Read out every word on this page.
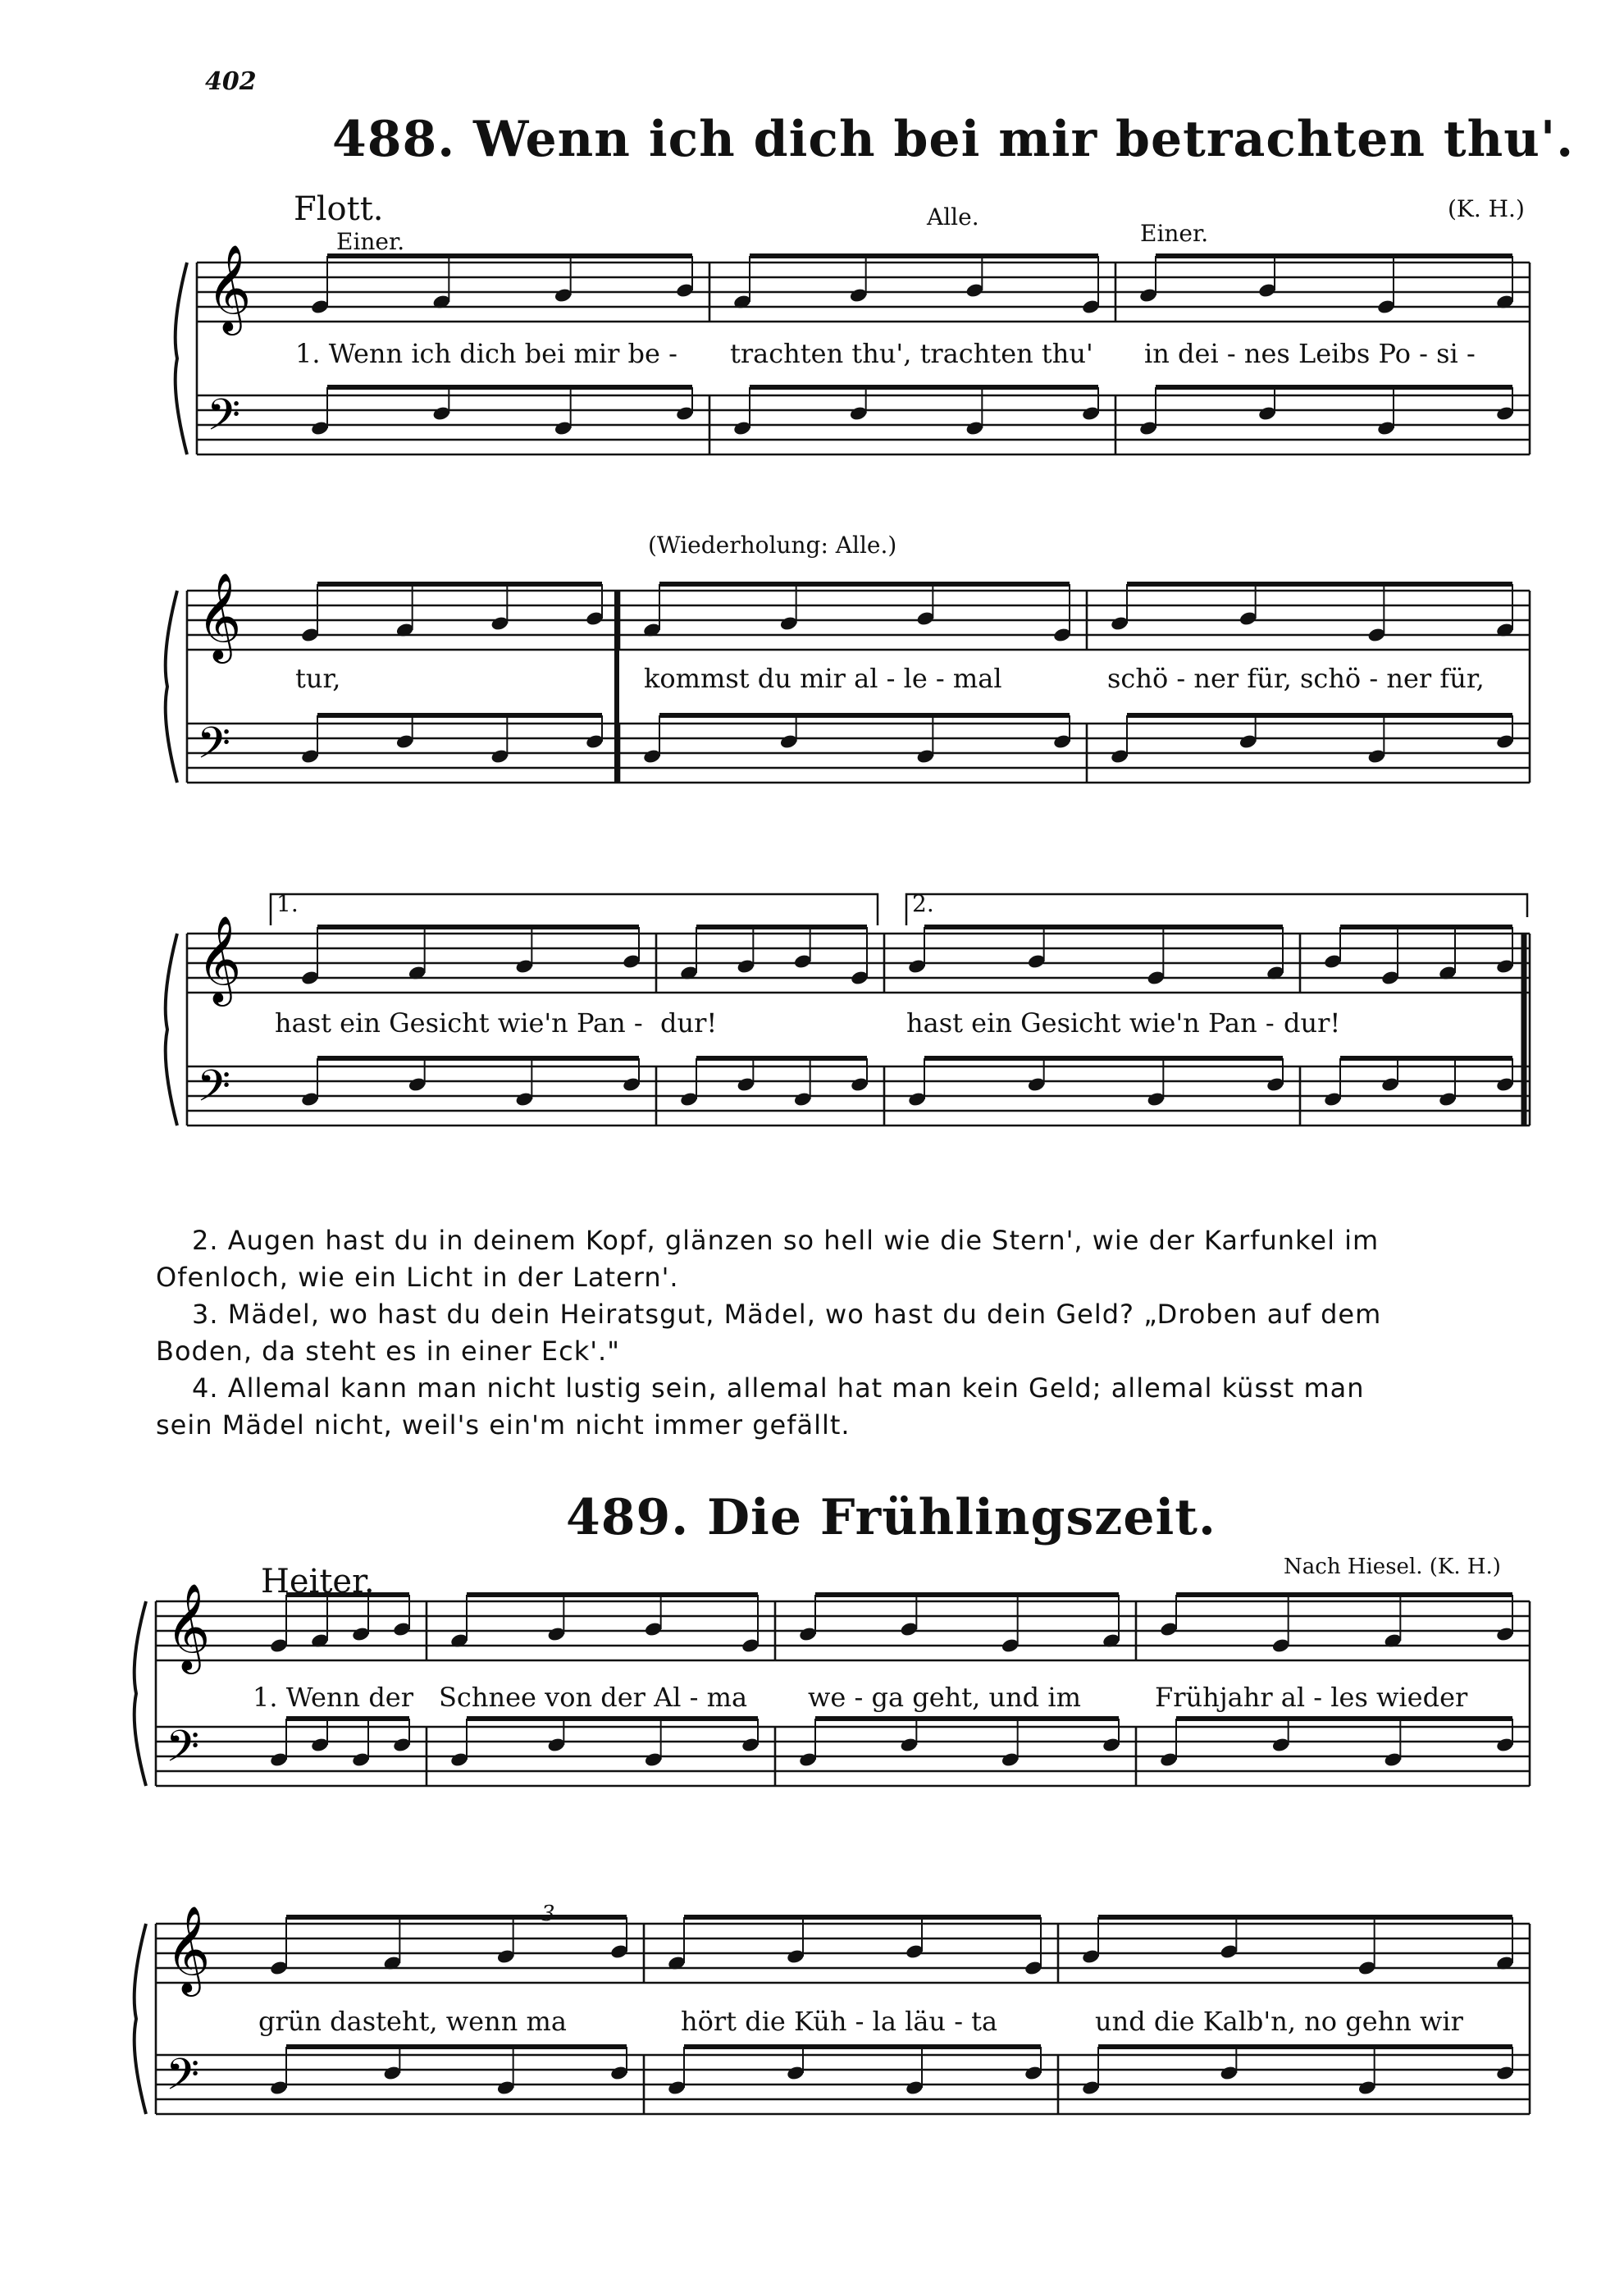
𝄞
𝄢
𝄞
𝄢
𝄞
𝄢
𝄞
𝄢
𝄞
𝄢
402
488. Wenn ich dich bei mir betrachten thu'.
Flott.	(K. H.)
Einer.
Alle.
Einer.
1. Wenn ich dich bei mir be - trachten thu', trachten thu' in dei - nes Leibs Po - si -
(Wiederholung: Alle.)
tur,	kommst du mir al - le - mal	schö - ner für, schö - ner für,
1.	2.
hast ein Gesicht wie'n Pan - dur!	hast ein Gesicht wie'n Pan - dur!

2. Augen hast du in deinem Kopf, glänzen so hell wie die Stern', wie der Karfunkel im

Ofenloch, wie ein Licht in der Latern'.

3. Mädel, wo hast du dein Heiratsgut, Mädel, wo hast du dein Geld? „Droben auf dem

Boden, da steht es in einer Eck'."

4. Allemal kann man nicht lustig sein, allemal hat man kein Geld; allemal küsst man

sein Mädel nicht, weil's ein'm nicht immer gefällt.

489. Die Frühlingszeit.
Heiter.	Nach Hiesel. (K. H.)
1. Wenn der Schnee von der Al - ma we - ga geht, und im	Frühjahr al - les wieder
3
grün dasteht, wenn ma	hört die Küh - la läu - ta	und die Kalb'n, no gehn wir
